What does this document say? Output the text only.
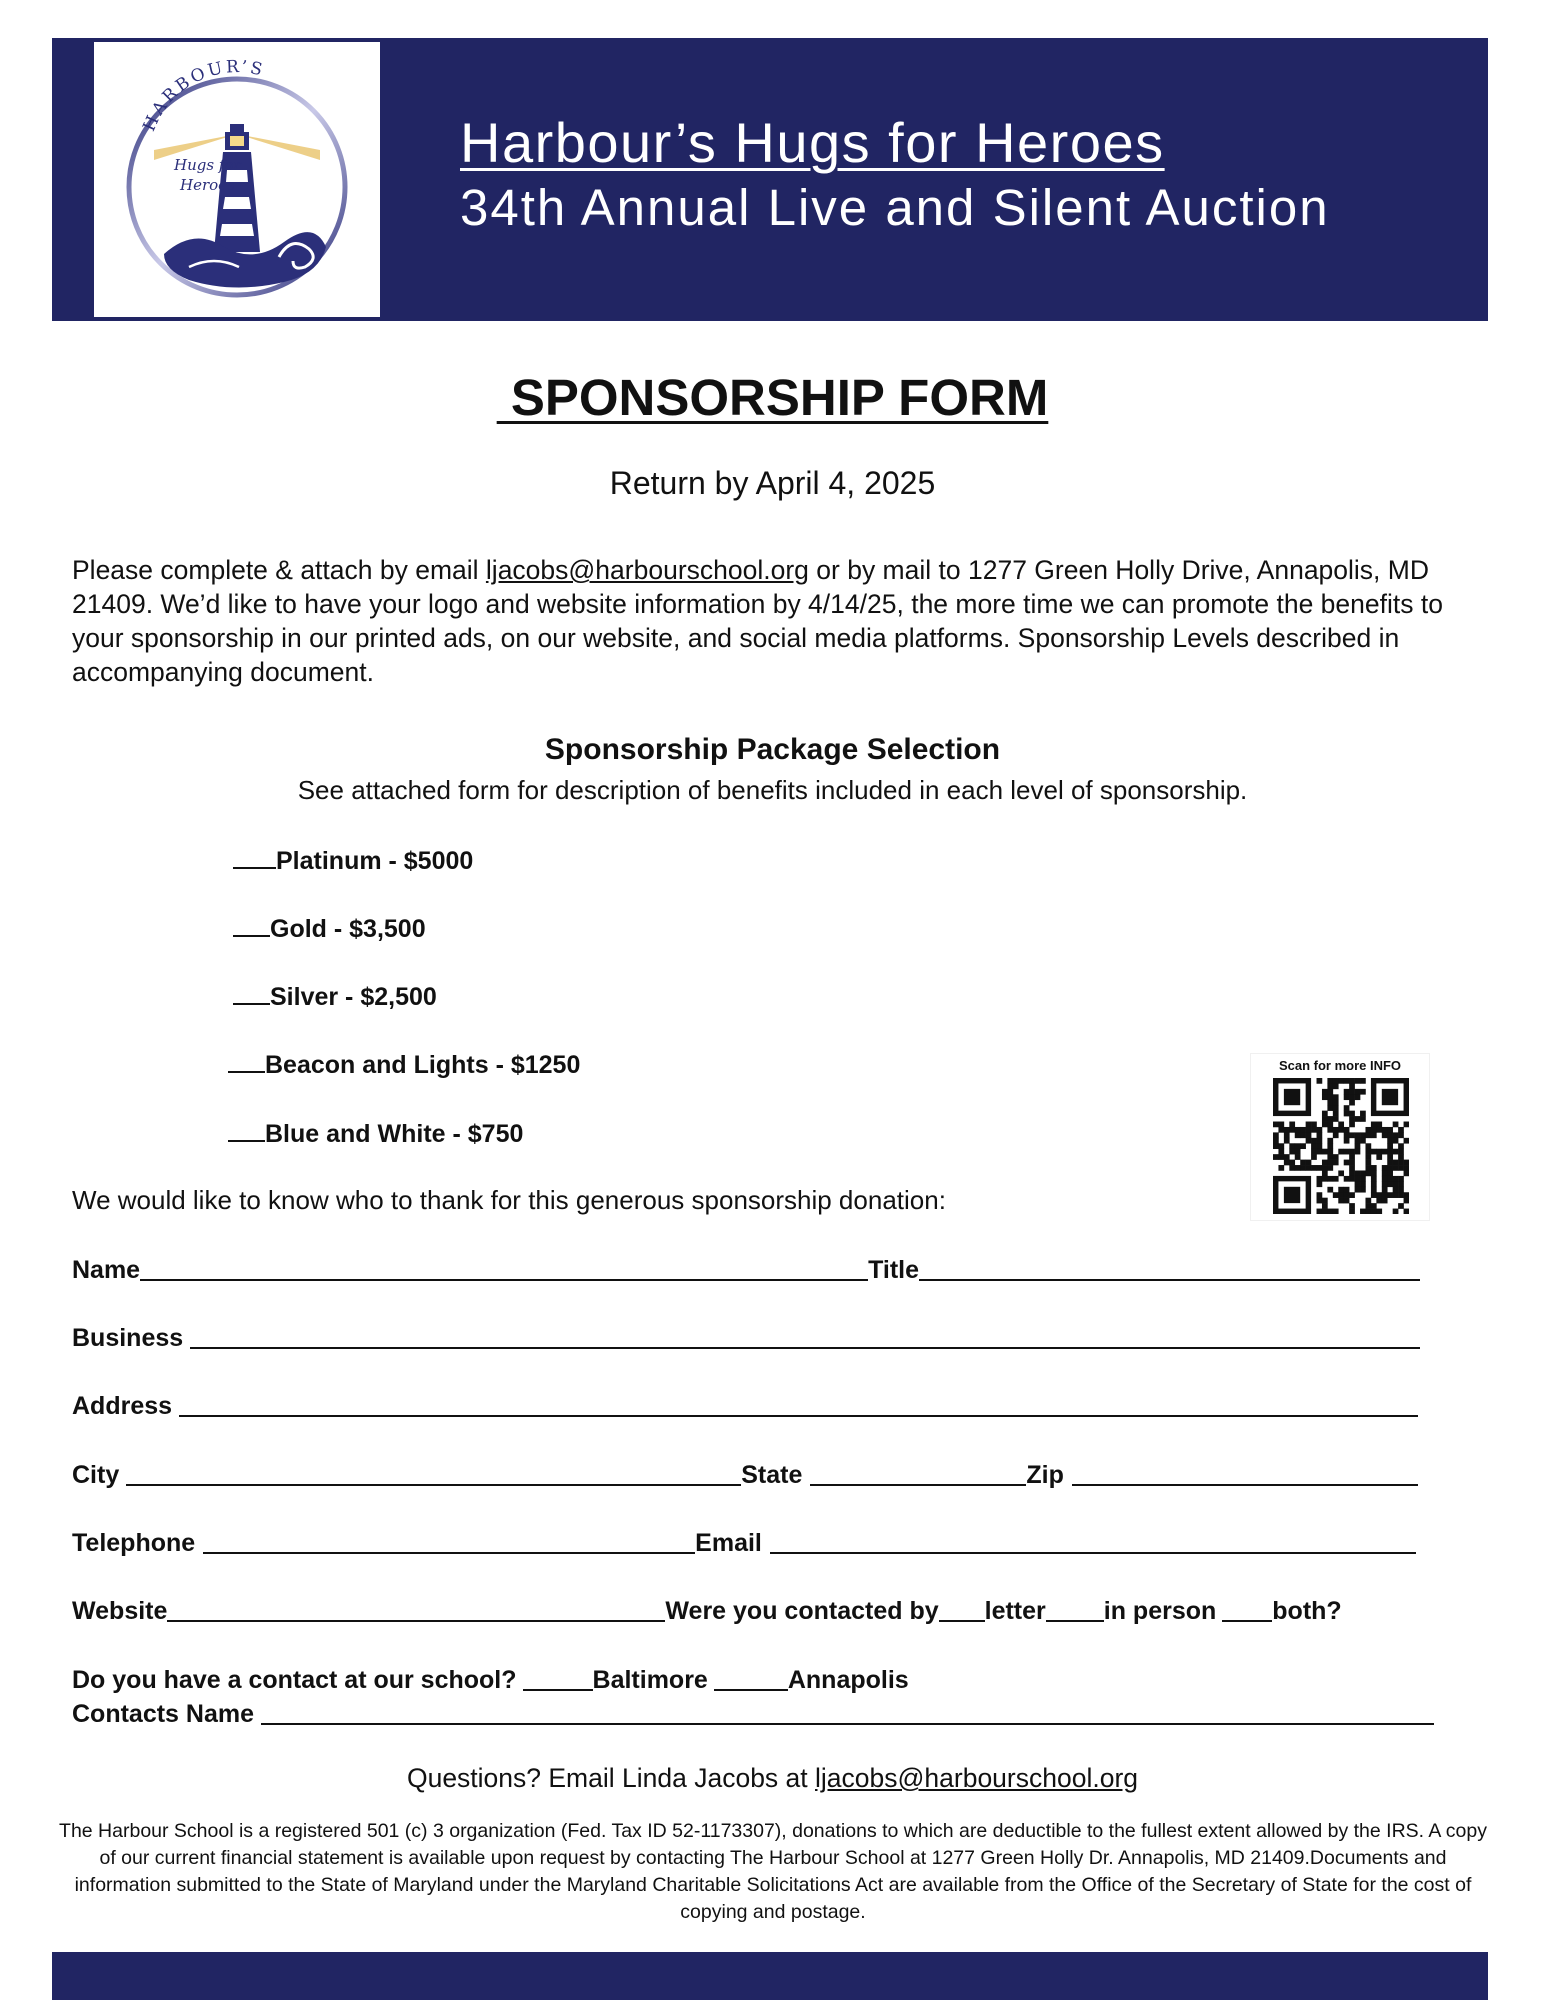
HARBOUR’S
Hugs for
Heroes
Harbour’s Hugs for Heroes
34th Annual Live and Silent Auction
SPONSORSHIP FORM
Return by April 4, 2025
Please complete & attach by email ljacobs@harbourschool.org or by mail to 1277 Green Holly Drive, Annapolis, MD 21409. We’d like to have your logo and website information by 4/14/25, the more time we can promote the benefits to your sponsorship in our printed ads, on our website, and social media platforms. Sponsorship Levels described in accompanying document.
Sponsorship Package Selection
See attached form for description of benefits included in each level of sponsorship.
Platinum - $5000
Gold - $3,500
Silver - $2,500
Beacon and Lights - $1250
Blue and White - $750
Scan for more INFO
We would like to know who to thank for this generous sponsorship donation:
Name	Title
Business
Address
City	State	Zip
Telephone	Email
Website	Were you contacted by letter in person both?
Do you have a contact at our school?	Baltimore	Annapolis
Contacts Name
Questions? Email Linda Jacobs at ljacobs@harbourschool.org
The Harbour School is a registered 501 (c) 3 organization (Fed. Tax ID 52-1173307), donations to which are deductible to the fullest extent allowed by the IRS. A copy of our current financial statement is available upon request by contacting The Harbour School at 1277 Green Holly Dr. Annapolis, MD 21409.Documents and information submitted to the State of Maryland under the Maryland Charitable Solicitations Act are available from the Office of the Secretary of State for the cost of copying and postage.
